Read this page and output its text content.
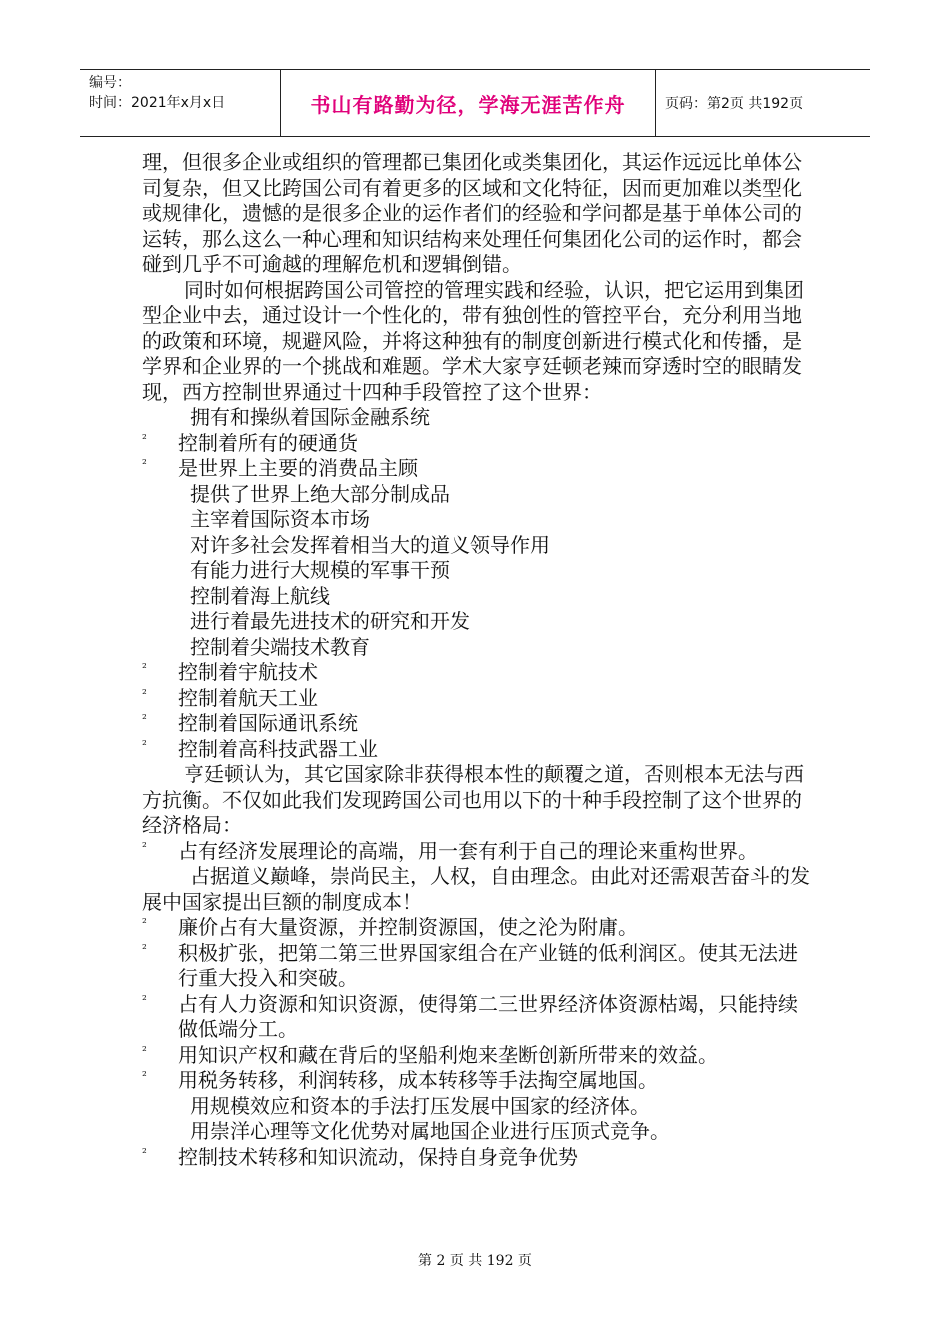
编号：
时间：2021年x月x日	书山有路勤为径，学海无涯苦作舟	页码：第2页 共192页

理，但很多企业或组织的管理都已集团化或类集团化，其运作远远比单体公司复杂，但又比跨国公司有着更多的区域和文化特征，因而更加难以类型化或规律化，遗憾的是很多企业的运作者们的经验和学问都是基于单体公司的运转，那么这么一种心理和知识结构来处理任何集团化公司的运作时，都会碰到几乎不可逾越的理解危机和逻辑倒错。

同时如何根据跨国公司管控的管理实践和经验，认识，把它运用到集团型企业中去，通过设计一个性化的，带有独创性的管控平台，充分利用当地的政策和环境，规避风险，并将这种独有的制度创新进行模式化和传播，是学界和企业界的一个挑战和难题。学术大家亨廷顿老辣而穿透时空的眼睛发现，西方控制世界通过十四种手段管控了这个世界：

拥有和操纵着国际金融系统
²	控制着所有的硬通货
²	是世界上主要的消费品主顾
提供了世界上绝大部分制成品
主宰着国际资本市场
对许多社会发挥着相当大的道义领导作用
有能力进行大规模的军事干预
控制着海上航线
进行着最先进技术的研究和开发
控制着尖端技术教育
²	控制着宇航技术
²	控制着航天工业
²	控制着国际通讯系统
²	控制着高科技武器工业

亨廷顿认为，其它国家除非获得根本性的颠覆之道，否则根本无法与西方抗衡。不仅如此我们发现跨国公司也用以下的十种手段控制了这个世界的经济格局：

²	占有经济发展理论的高端，用一套有利于自己的理论来重构世界。
占据道义巅峰，崇尚民主，人权，自由理念。由此对还需艰苦奋斗的发展中国家提出巨额的制度成本！
²	廉价占有大量资源，并控制资源国，使之沦为附庸。
²	积极扩张，把第二第三世界国家组合在产业链的低利润区。使其无法进行重大投入和突破。
²	占有人力资源和知识资源，使得第二三世界经济体资源枯竭，只能持续做低端分工。
²	用知识产权和藏在背后的坚船利炮来垄断创新所带来的效益。
²	用税务转移，利润转移，成本转移等手法掏空属地国。
用规模效应和资本的手法打压发展中国家的经济体。
用崇洋心理等文化优势对属地国企业进行压顶式竞争。
²	控制技术转移和知识流动，保持自身竞争优势
第 2 页 共 192 页
